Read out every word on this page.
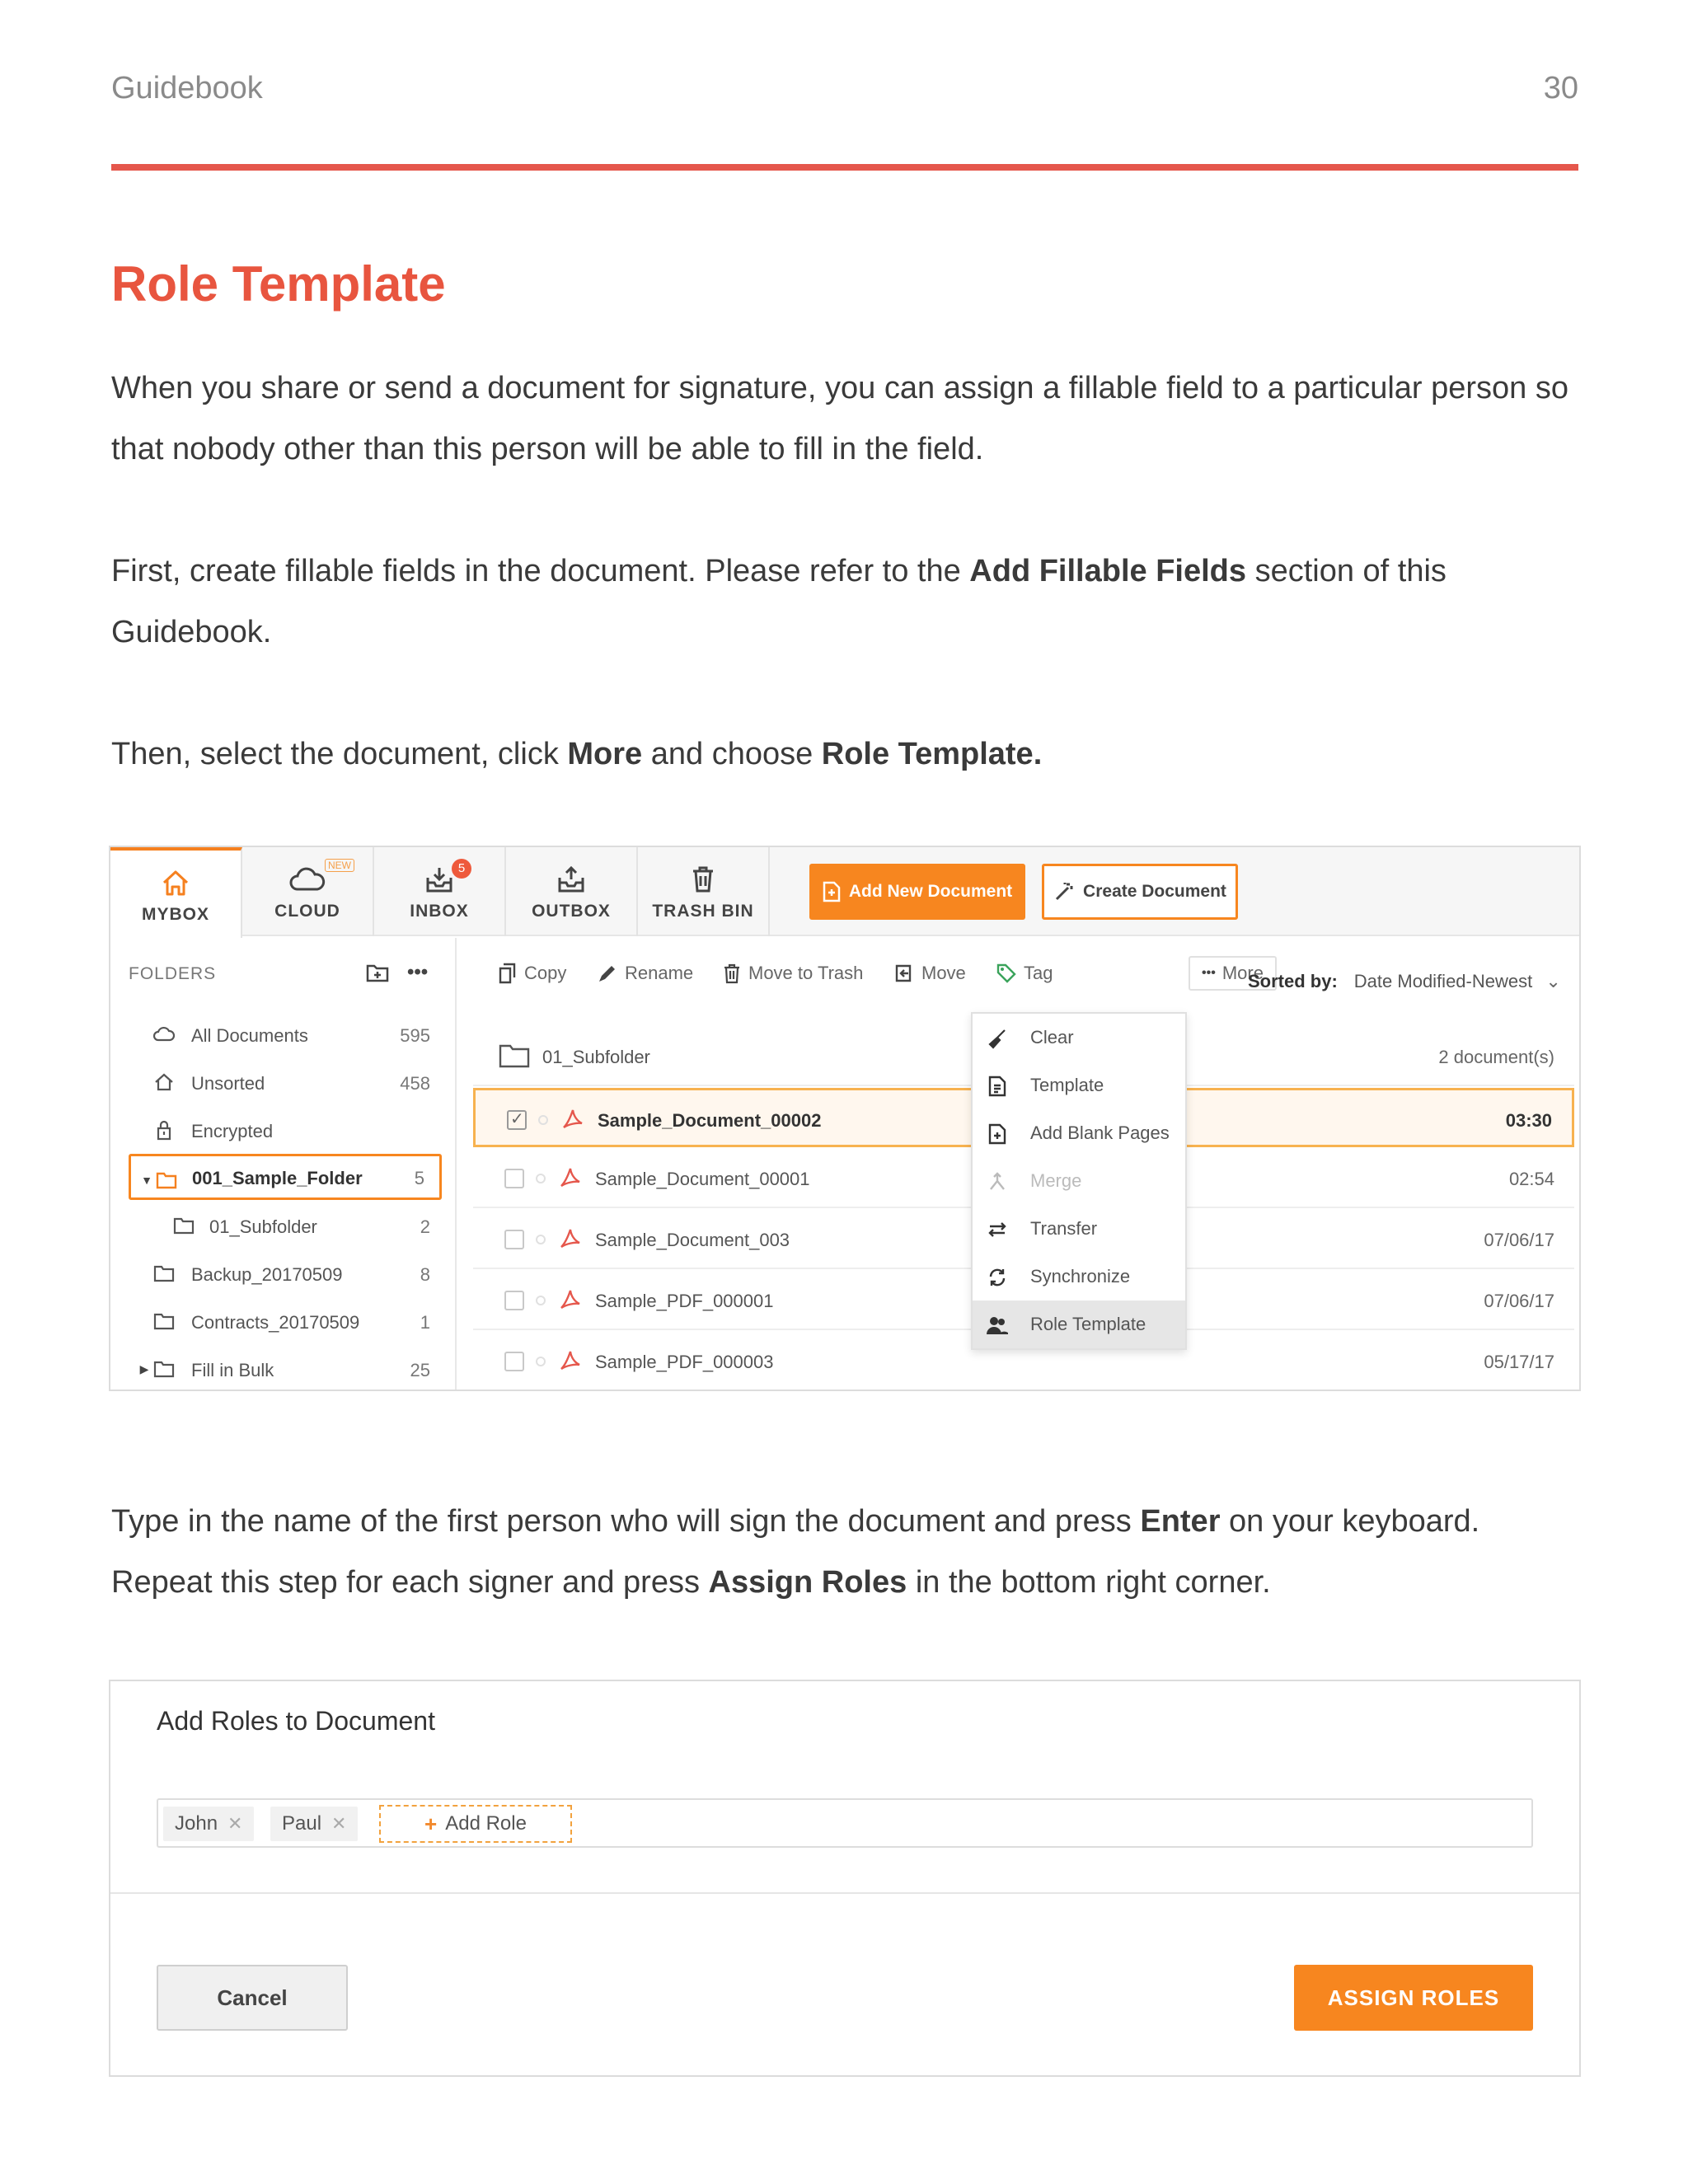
Guidebook	30
Role Template

When you share or send a document for signature, you can assign a fillable field to a particular person so that nobody other than this person will be able to fill in the field.

First, create fillable fields in the document. Please refer to the Add Fillable Fields section of this Guidebook.

Then, select the document, click More and choose Role Template.

MYBOX
NEW
CLOUD
5
INBOX	OUTBOX	TRASH BIN
Add New Document	Create Document
FOLDERS	•••
All Documents	595
Unsorted	458
Encrypted
▼ 001_Sample_Folder	5
01_Subfolder	2
Backup_20170509	8
Contracts_20170509	1
▶	Fill in Bulk	25
Copy	Rename	Move to Trash	Move	Tag	••• More
Sorted by: Date Modified-Newest ⌄
01_Subfolder	2 document(s)
✓
Sample_Document_00002	03:30
Sample_Document_00001	02:54
Sample_Document_003	07/06/17
Sample_PDF_000001	07/06/17
Sample_PDF_000003	05/17/17
Clear
Template
Add Blank Pages
Merge
Transfer
Synchronize
Role Template

Type in the name of the first person who will sign the document and press Enter on your keyboard. Repeat this step for each signer and press Assign Roles in the bottom right corner.

Add Roles to Document
John ✕ Paul ✕	+ Add Role
Cancel	ASSIGN ROLES
